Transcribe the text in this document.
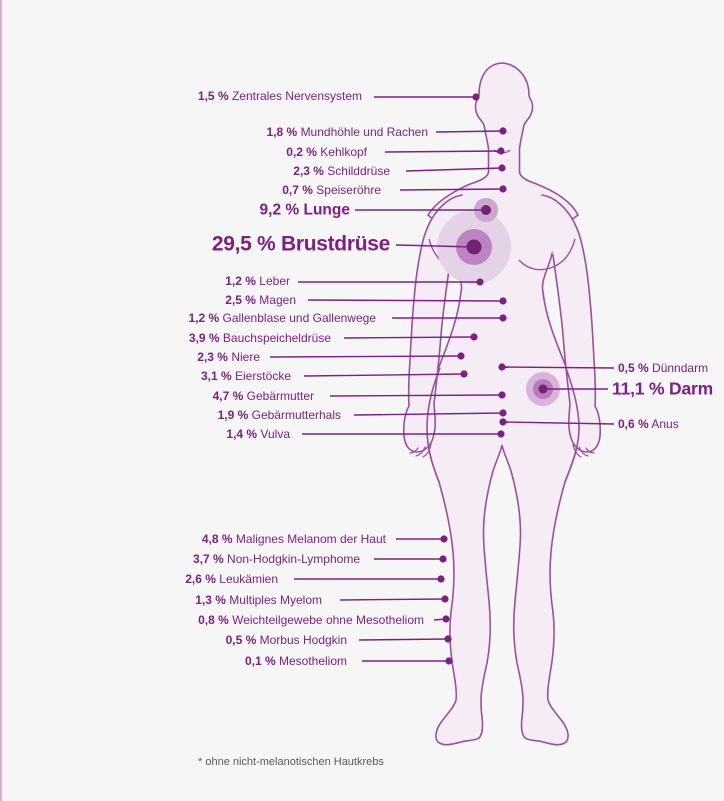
1,5 % Zentrales Nervensystem
1,8 % Mundhöhle und Rachen
0,2 % Kehlkopf
2,3 % Schilddrüse
0,7 % Speiseröhre
9,2 % Lunge
29,5 % Brustdrüse
1,2 % Leber
2,5 % Magen
1,2 % Gallenblase und Gallenwege
3,9 % Bauchspeicheldrüse
2,3 % Niere
3,1 % Eierstöcke
4,7 % Gebärmutter
1,9 % Gebärmutterhals
1,4 % Vulva
0,5 % Dünndarm
11,1 % Darm
0,6 % Anus
4,8 % Malignes Melanom der Haut
3,7 % Non-Hodgkin-Lymphome
2,6 % Leukämien
1,3 % Multiples Myelom
0,8 % Weichteilgewebe ohne Mesotheliom
0,5 % Morbus Hodgkin
0,1 % Mesotheliom
* ohne nicht-melanotischen Hautkrebs
